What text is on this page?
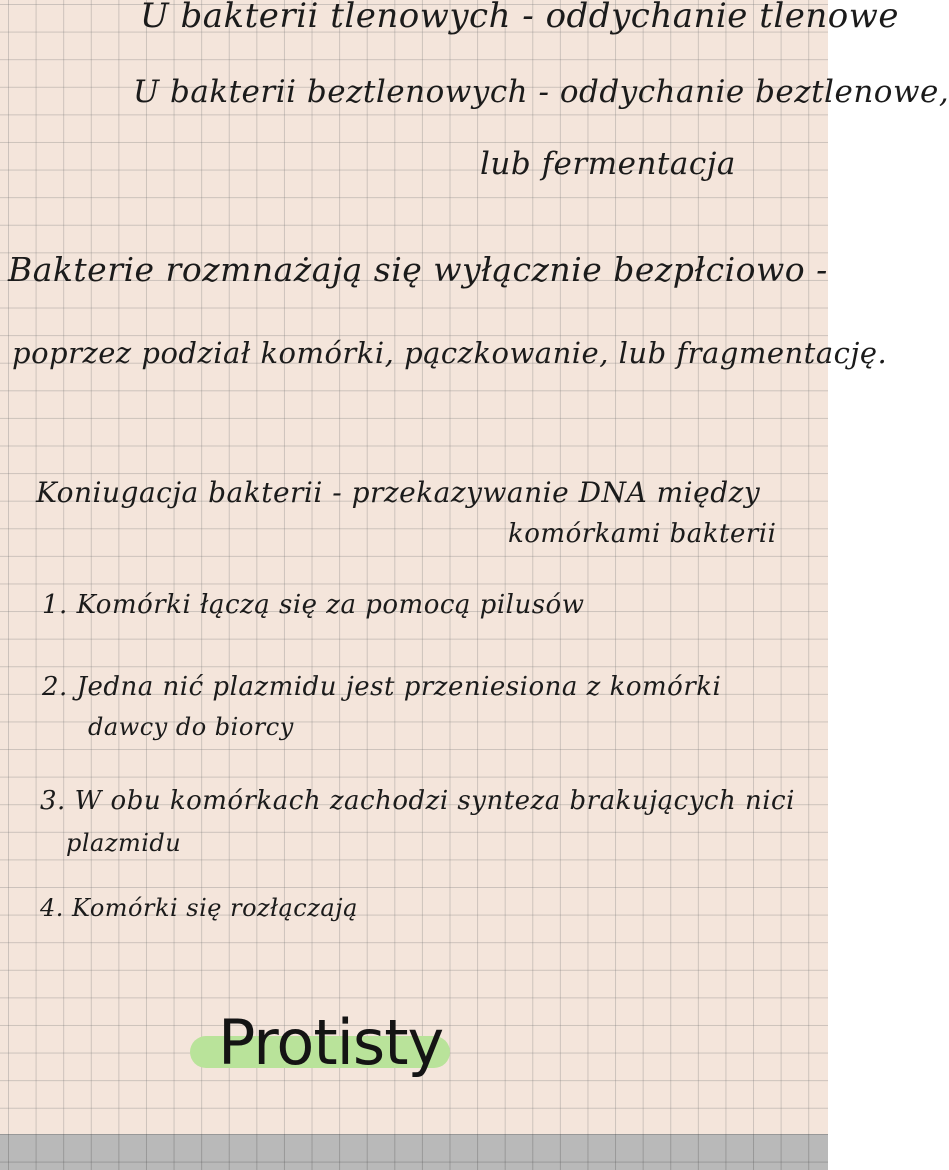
U bakterii tlenowych - oddychanie tlenowe
U bakterii beztlenowych - oddychanie beztlenowe,
lub fermentacja
Bakterie rozmnażają się wyłącznie bezpłciowo -
poprzez podział komórki, pączkowanie, lub fragmentację.
Koniugacja bakterii - przekazywanie DNA między
komórkami bakterii
1. Komórki łączą się za pomocą pilusów
2. Jedna nić plazmidu jest przeniesiona z komórki
dawcy do biorcy
3. W obu komórkach zachodzi synteza brakujących nici
plazmidu
4. Komórki się rozłączają
Protisty
